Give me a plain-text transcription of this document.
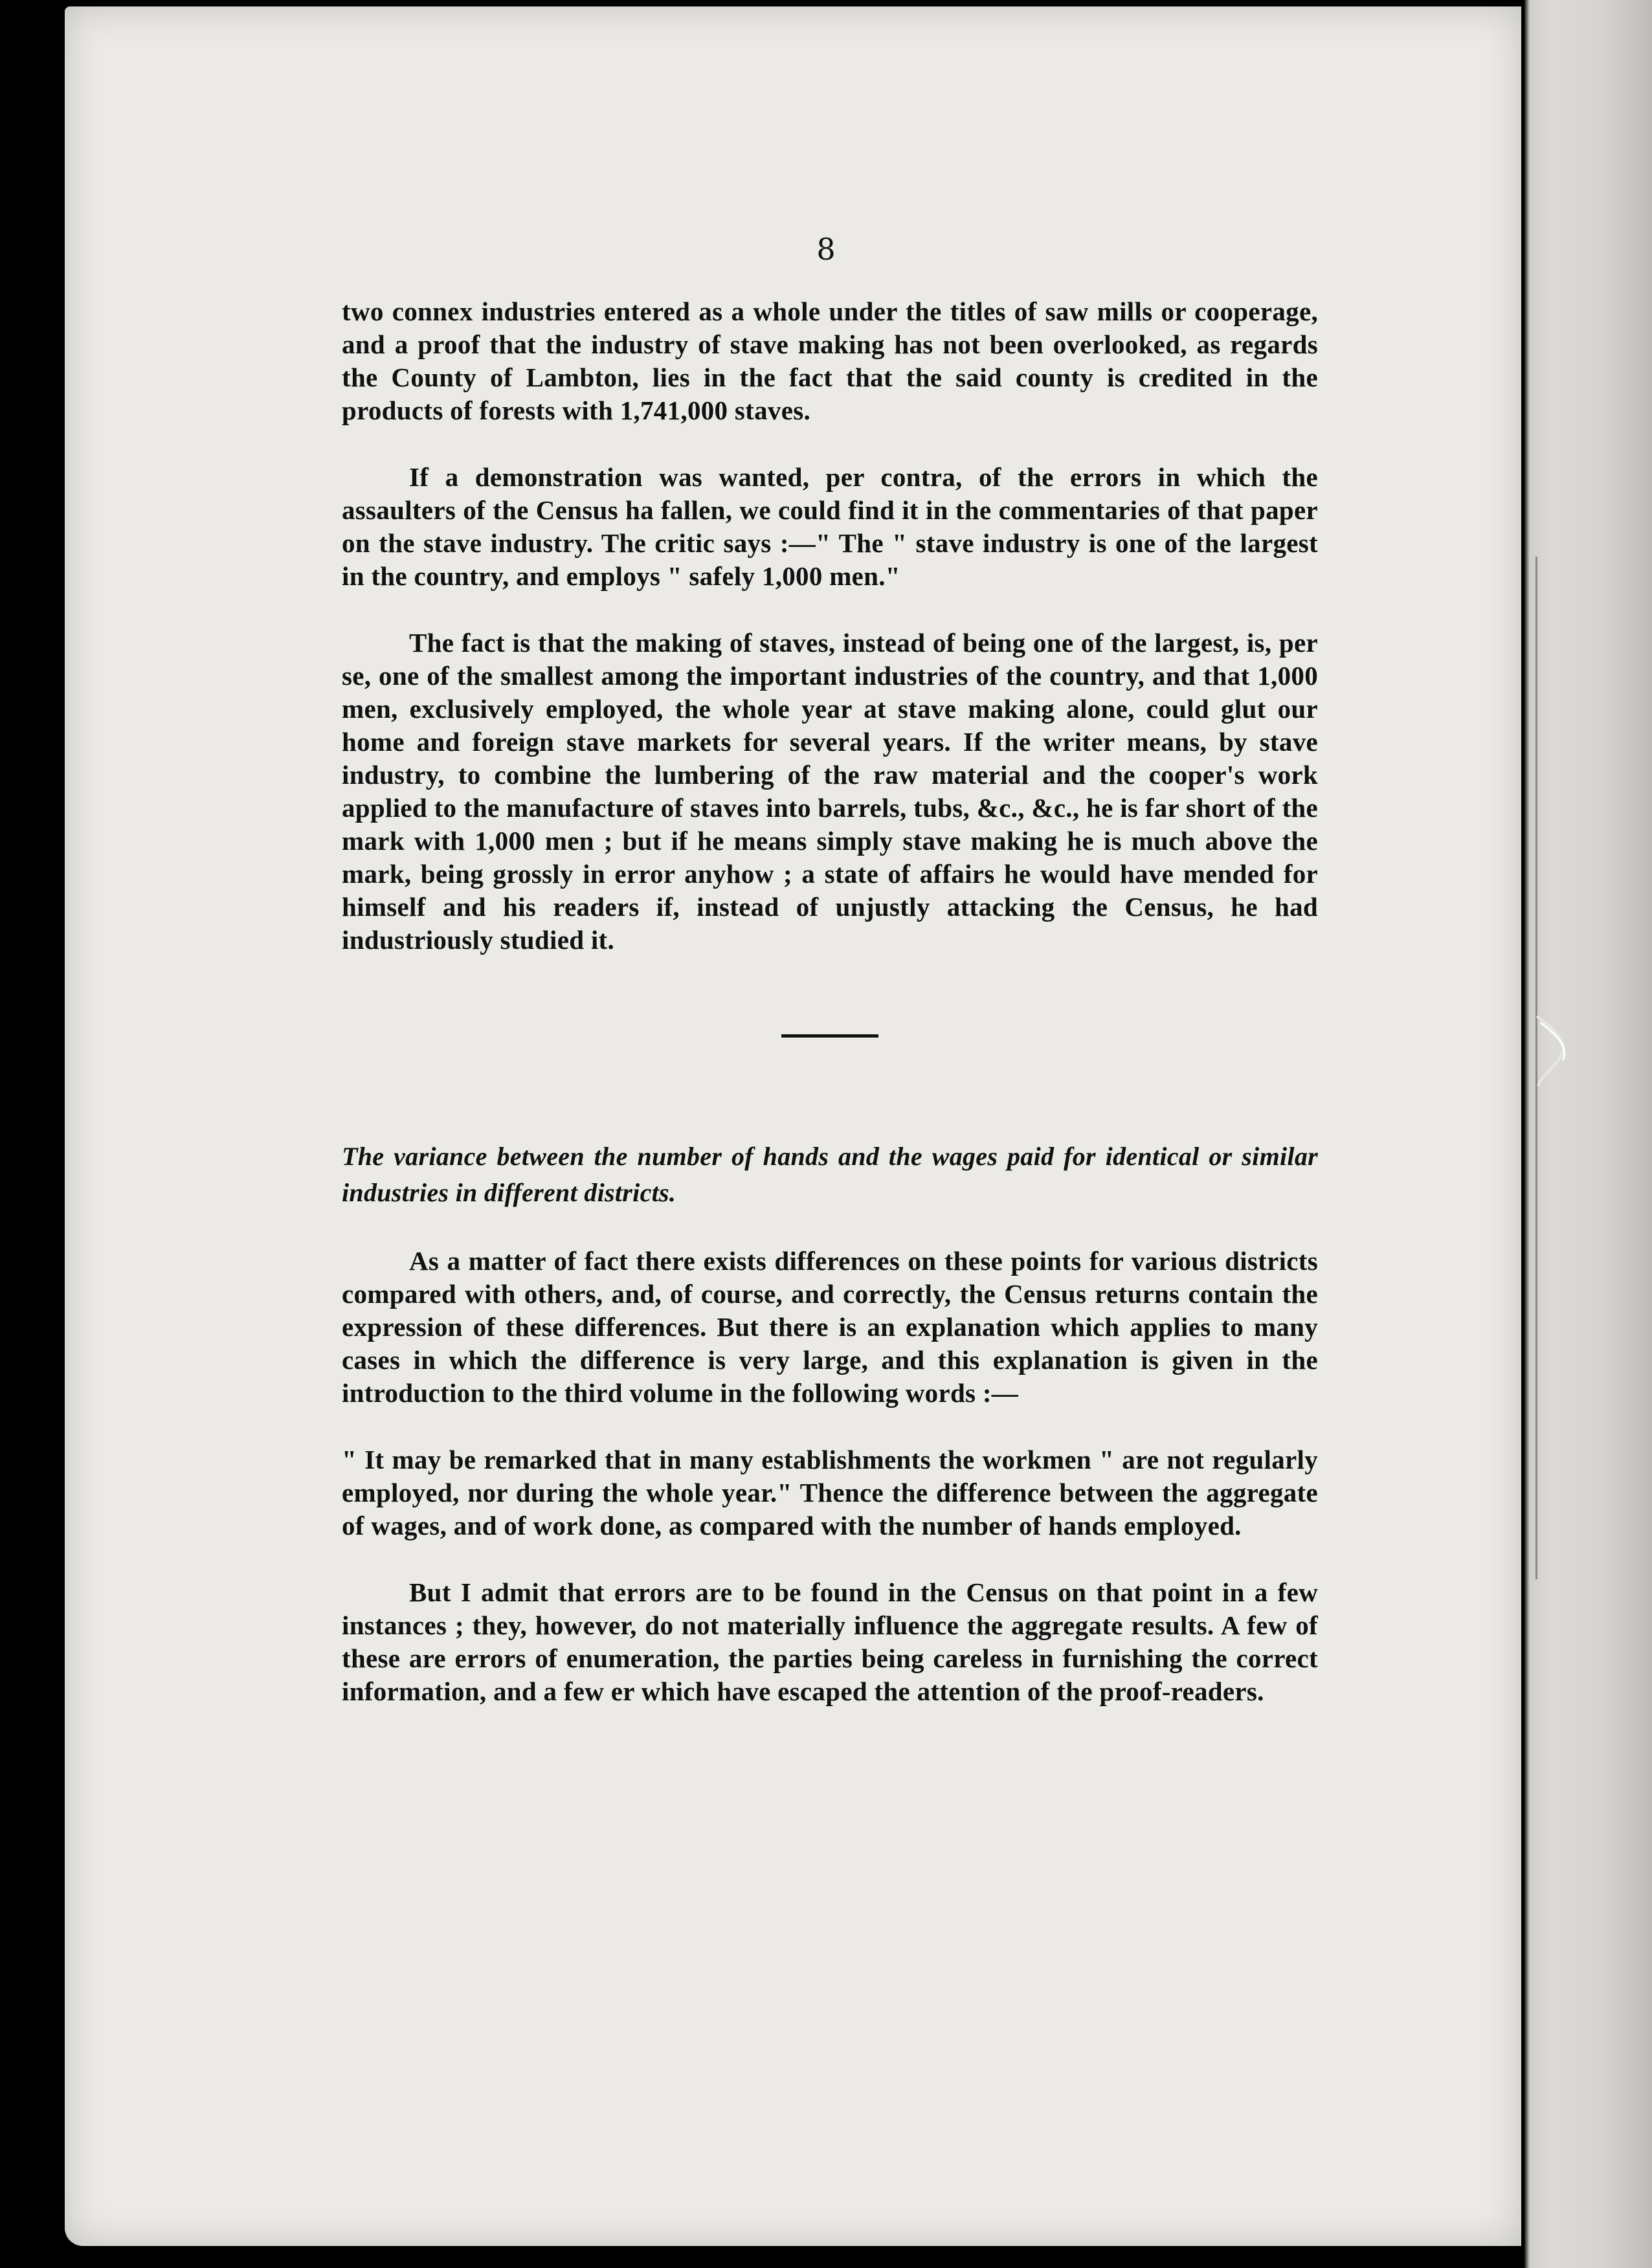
8

two connex industries entered as a whole under the titles of saw mills or cooperage, and a proof that the industry of stave making has not been overlooked, as regards the County of Lambton, lies in the fact that the said county is credited in the products of forests with 1,741,000 staves.

If a demonstration was wanted, per contra, of the errors in which the assaulters of the Census ha fallen, we could find it in the commentaries of that paper on the stave industry. The critic says :—" The " stave industry is one of the largest in the country, and employs " safely 1,000 men."

The fact is that the making of staves, instead of being one of the largest, is, per se, one of the smallest among the important industries of the country, and that 1,000 men, exclusively employed, the whole year at stave making alone, could glut our home and foreign stave markets for several years. If the writer means, by stave industry, to combine the lumbering of the raw material and the cooper's work applied to the manufacture of staves into barrels, tubs, &c., &c., he is far short of the mark with 1,000 men ; but if he means simply stave making he is much above the mark, being grossly in error anyhow ; a state of affairs he would have mended for himself and his readers if, instead of unjustly attacking the Census, he had industriously studied it.

The variance between the number of hands and the wages paid for identical or similar industries in different districts.

As a matter of fact there exists differences on these points for various districts compared with others, and, of course, and correctly, the Census returns contain the expression of these differences. But there is an explanation which applies to many cases in which the difference is very large, and this explanation is given in the introduction to the third volume in the following words :—

" It may be remarked that in many establishments the workmen " are not regularly employed, nor during the whole year." Thence the difference between the aggregate of wages, and of work done, as compared with the number of hands employed.

But I admit that errors are to be found in the Census on that point in a few instances ; they, however, do not materially influence the aggregate results. A few of these are errors of enumeration, the parties being careless in furnishing the correct information, and a few er which have escaped the attention of the proof-readers.
